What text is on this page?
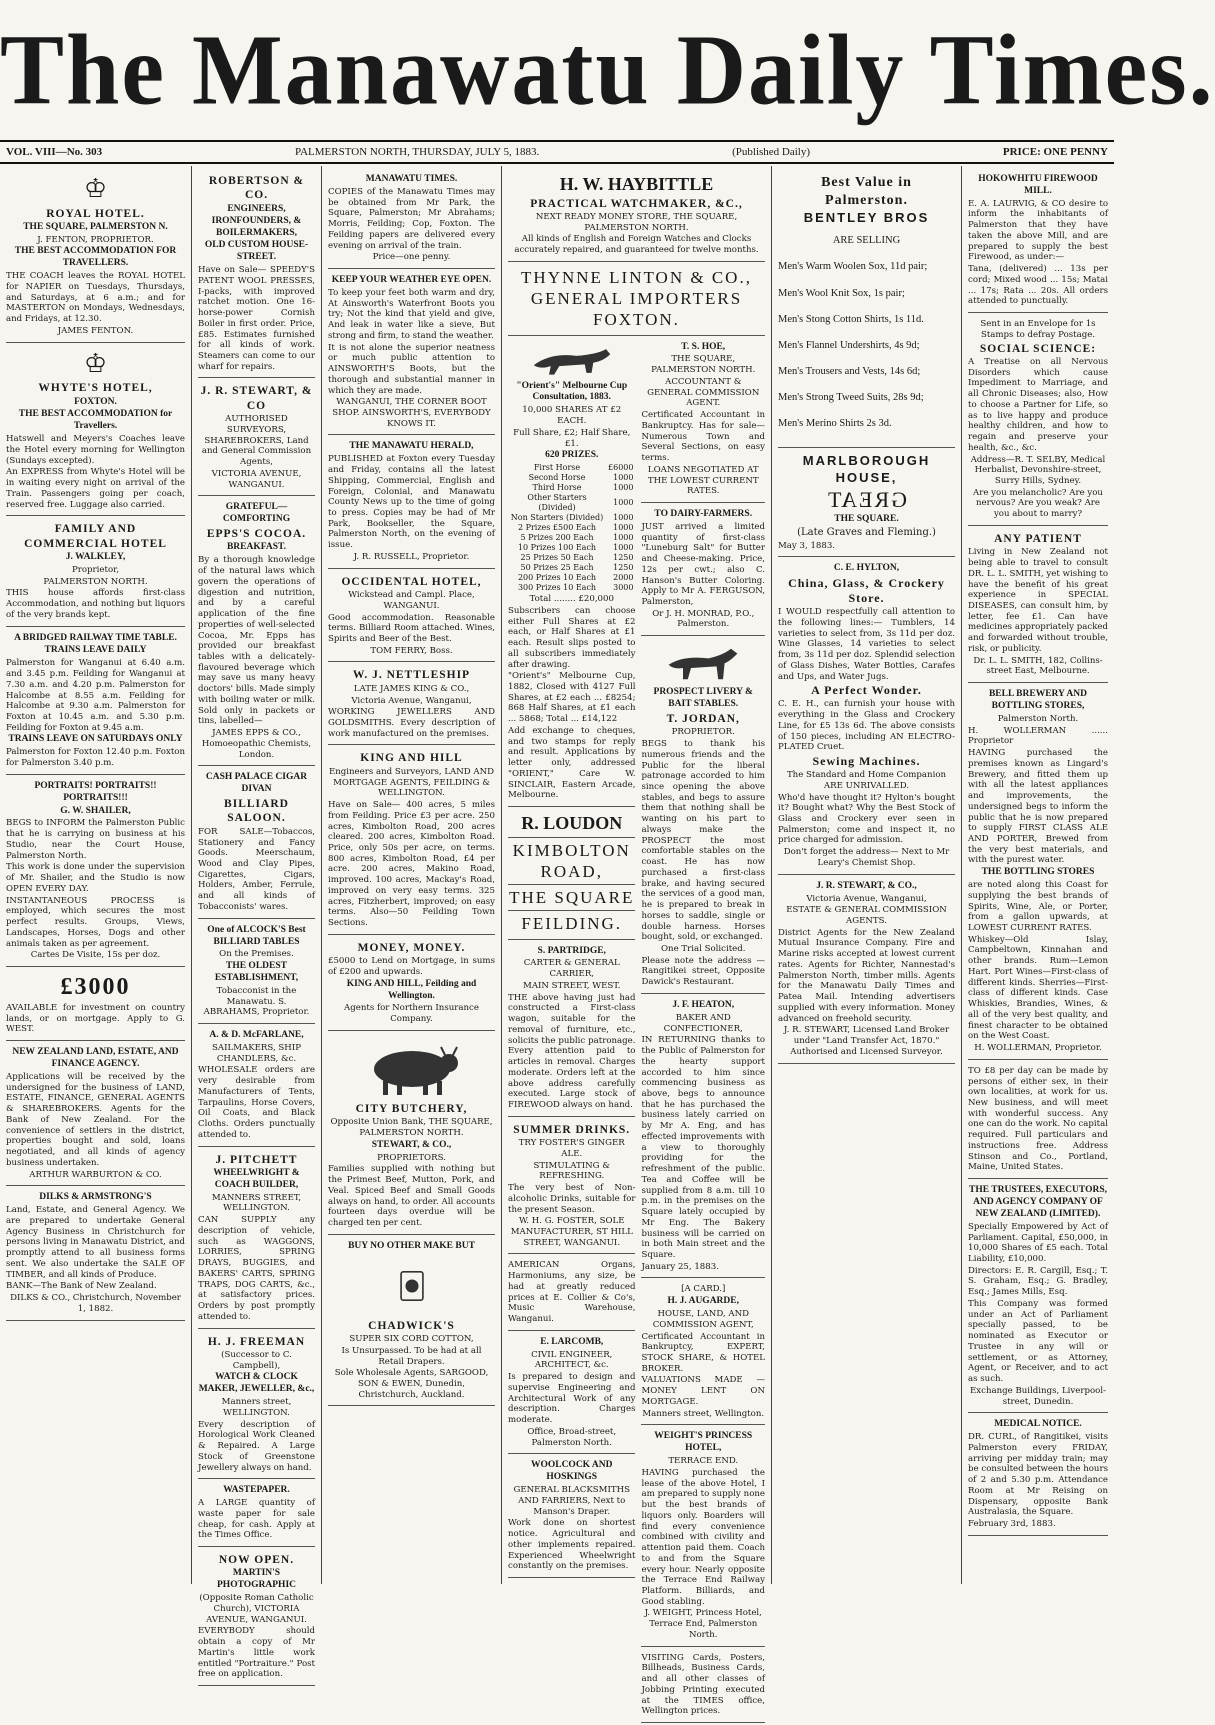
The Manawatu Daily Times.
VOL. VIII—No. 303	PALMERSTON NORTH, THURSDAY, JULY 5, 1883.	(Published Daily)	PRICE: ONE PENNY
♔
ROYAL HOTEL.
THE SQUARE, PALMERSTON N.

J. FENTON, PROPRIETOR.

THE BEST ACCOMMODATION FOR TRAVELLERS.

THE COACH leaves the ROYAL HOTEL for NAPIER on Tuesdays, Thursdays, and Saturdays, at 6 a.m.; and for MASTERTON on Mondays, Wednesdays, and Fridays, at 12.30.

JAMES FENTON.

♔
WHYTE'S HOTEL,
FOXTON.
THE BEST ACCOMMODATION for Travellers.

Hatswell and Meyers's Coaches leave the Hotel every morning for Wellington (Sundays excepted).

An EXPRESS from Whyte's Hotel will be in waiting every night on arrival of the Train. Passengers going per coach, reserved free. Luggage also carried.

FAMILY AND COMMERCIAL HOTEL
J. WALKLEY,

Proprietor,

PALMERSTON NORTH.

THIS house affords first-class Accommodation, and nothing but liquors of the very brands kept.

A BRIDGED RAILWAY TIME TABLE.
TRAINS LEAVE DAILY

Palmerston for Wanganui at 6.40 a.m. and 3.45 p.m. Feilding for Wanganui at 7.30 a.m. and 4.20 p.m. Palmerston for Halcombe at 8.55 a.m. Feilding for Halcombe at 9.30 a.m. Palmerston for Foxton at 10.45 a.m. and 5.30 p.m. Feilding for Foxton at 9.45 a.m.

TRAINS LEAVE ON SATURDAYS ONLY

Palmerston for Foxton 12.40 p.m. Foxton for Palmerston 3.40 p.m.

PORTRAITS! PORTRAITS!! PORTRAITS!!!
G. W. SHAILER,

BEGS to INFORM the Palmerston Public that he is carrying on business at his Studio, near the Court House, Palmerston North.

This work is done under the supervision of Mr. Shailer, and the Studio is now OPEN EVERY DAY.

INSTANTANEOUS PROCESS is employed, which secures the most perfect results. Groups, Views, Landscapes, Horses, Dogs and other animals taken as per agreement.

Cartes De Visite, 15s per doz.

£3000

AVAILABLE for investment on country lands, or on mortgage. Apply to G. WEST.

NEW ZEALAND LAND, ESTATE, AND FINANCE AGENCY.

Applications will be received by the undersigned for the business of LAND, ESTATE, FINANCE, GENERAL AGENTS & SHAREBROKERS. Agents for the Bank of New Zealand. For the convenience of settlers in the district, properties bought and sold, loans negotiated, and all kinds of agency business undertaken.

ARTHUR WARBURTON & CO.

DILKS & ARMSTRONG'S

Land, Estate, and General Agency. We are prepared to undertake General Agency Business in Christchurch for persons living in Manawatu District, and promptly attend to all business forms sent. We also undertake the SALE OF TIMBER, and all kinds of Produce.

BANK—The Bank of New Zealand.

DILKS & CO., Christchurch, November 1, 1882.

ROBERTSON & CO.
ENGINEERS, IRONFOUNDERS, & BOILERMAKERS,
OLD CUSTOM HOUSE-STREET.

Have on Sale— SPEEDY'S PATENT WOOL PRESSES, I-packs, with improved ratchet motion. One 16-horse-power Cornish Boiler in first order. Price, £85. Estimates furnished for all kinds of work. Steamers can come to our wharf for repairs.

J. R. STEWART, & CO

AUTHORISED SURVEYORS, SHAREBROKERS, Land and General Commission Agents,

VICTORIA AVENUE, WANGANUI.

GRATEFUL—COMFORTING
EPPS'S COCOA.
BREAKFAST.

By a thorough knowledge of the natural laws which govern the operations of digestion and nutrition, and by a careful application of the fine properties of well-selected Cocoa, Mr. Epps has provided our breakfast tables with a delicately-flavoured beverage which may save us many heavy doctors' bills. Made simply with boiling water or milk. Sold only in packets or tins, labelled—

JAMES EPPS & CO., Homoeopathic Chemists, London.

CASH PALACE CIGAR DIVAN
BILLIARD SALOON.

FOR SALE—Tobaccos, Stationery and Fancy Goods. Meerschaum, Wood and Clay Pipes, Cigarettes, Cigars, Holders, Amber, Ferrule, and all kinds of Tobacconists' wares.

One of ALCOCK'S Best BILLIARD TABLES

On the Premises.

THE OLDEST ESTABLISHMENT,

Tobacconist in the Manawatu. S. ABRAHAMS, Proprietor.

A. & D. McFARLANE,

SAILMAKERS, SHIP CHANDLERS, &c.

WHOLESALE orders are very desirable from Manufacturers of Tents, Tarpaulins, Horse Covers, Oil Coats, and Black Cloths. Orders punctually attended to.

J. PITCHETT
WHEELWRIGHT & COACH BUILDER,

MANNERS STREET, WELLINGTON.

CAN SUPPLY any description of vehicle, such as WAGGONS, LORRIES, SPRING DRAYS, BUGGIES, and BAKERS' CARTS, SPRING TRAPS, DOG CARTS, &c., at satisfactory prices. Orders by post promptly attended to.

H. J. FREEMAN

(Successor to C. Campbell),

WATCH & CLOCK MAKER, JEWELLER, &c.,

Manners street, WELLINGTON.

Every description of Horological Work Cleaned & Repaired. A Large Stock of Greenstone Jewellery always on hand.

WASTEPAPER.

A LARGE quantity of waste paper for sale cheap, for cash. Apply at the Times Office.

NOW OPEN.
MARTIN'S PHOTOGRAPHIC

(Opposite Roman Catholic Church), VICTORIA AVENUE, WANGANUI.

EVERYBODY should obtain a copy of Mr Martin's little work entitled "Portraiture." Post free on application.

MANAWATU TIMES.

COPIES of the Manawatu Times may be obtained from Mr Park, the Square, Palmerston; Mr Abrahams; Morris, Feilding; Cop, Foxton. The Feilding papers are delivered every evening on arrival of the train.

Price—one penny.

KEEP YOUR WEATHER EYE OPEN.

To keep your feet both warm and dry, At Ainsworth's Waterfront Boots you try; Not the kind that yield and give, And leak in water like a sieve, But strong and firm, to stand the weather.

It is not alone the superior neatness or much public attention to AINSWORTH'S Boots, but the thorough and substantial manner in which they are made.

WANGANUI, THE CORNER BOOT SHOP. AINSWORTH'S, EVERYBODY KNOWS IT.

THE MANAWATU HERALD,

PUBLISHED at Foxton every Tuesday and Friday, contains all the latest Shipping, Commercial, English and Foreign, Colonial, and Manawatu County News up to the time of going to press. Copies may be had of Mr Park, Bookseller, the Square, Palmerston North, on the evening of issue.

J. R. RUSSELL, Proprietor.

OCCIDENTAL HOTEL,

Wickstead and Campl. Place, WANGANUI.

Good accommodation. Reasonable terms. Billiard Room attached. Wines, Spirits and Beer of the Best.

TOM FERRY, Boss.

W. J. NETTLESHIP

LATE JAMES KING & CO.,

Victoria Avenue, Wanganui,

WORKING JEWELLERS AND GOLDSMITHS. Every description of work manufactured on the premises.

KING AND HILL

Engineers and Surveyors, LAND AND MORTGAGE AGENTS, FEILDING & WELLINGTON.

Have on Sale— 400 acres, 5 miles from Feilding. Price £3 per acre. 250 acres, Kimbolton Road, 200 acres cleared. 200 acres, Kimbolton Road. Price, only 50s per acre, on terms. 800 acres, Kimbolton Road, £4 per acre. 200 acres, Makino Road, improved. 100 acres, Mackay's Road, improved on very easy terms. 325 acres, Fitzherbert, improved; on easy terms. Also—50 Feilding Town Sections.

MONEY, MONEY.

£5000 to Lend on Mortgage, in sums of £200 and upwards.

KING AND HILL, Feilding and Wellington.

Agents for Northern Insurance Company.

CITY BUTCHERY,

Opposite Union Bank, THE SQUARE, PALMERSTON NORTH.

STEWART, & CO.,

PROPRIETORS.

Families supplied with nothing but the Primest Beef, Mutton, Pork, and Veal. Spiced Beef and Small Goods always on hand, to order. All accounts fourteen days overdue will be charged ten per cent.

BUY NO OTHER MAKE BUT
CHADWICK'S

SUPER SIX CORD COTTON,

Is Unsurpassed. To be had at all Retail Drapers.

Sole Wholesale Agents, SARGOOD, SON & EWEN, Dunedin, Christchurch, Auckland.

H. W. HAYBITTLE
PRACTICAL WATCHMAKER, &C.,

NEXT READY MONEY STORE, THE SQUARE, PALMERSTON NORTH.

All kinds of English and Foreign Watches and Clocks accurately repaired, and guaranteed for twelve months.

THYNNE LINTON & CO.,
GENERAL IMPORTERS
FOXTON.
"Orient's" Melbourne Cup Consultation, 1883.

10,000 SHARES AT £2 EACH.

Full Share, £2; Half Share, £1.

620 PRIZES.
First Horse	£6000
Second Horse	1000
Third Horse	1000
Other Starters (Divided)	1000
Non Starters (Divided)	1000
2 Prizes £500 Each	1000
5 Prizes 200 Each	1000
10 Prizes 100 Each	1000
25 Prizes 50 Each	1250
50 Prizes 25 Each	1250
200 Prizes 10 Each	2000
300 Prizes 10 Each	3000

Total ........ £20,000

Subscribers can choose either Full Shares at £2 each, or Half Shares at £1 each. Result slips posted to all subscribers immediately after drawing.

"Orient's" Melbourne Cup, 1882, Closed with 4127 Full Shares, at £2 each ... £8254; 868 Half Shares, at £1 each ... 5868; Total ... £14,122

Add exchange to cheques, and two stamps for reply and result. Applications by letter only, addressed "ORIENT," Care W. SINCLAIR, Eastern Arcade, Melbourne.

R. LOUDON
KIMBOLTON ROAD,
THE SQUARE
FEILDING.
S. PARTRIDGE,

CARTER & GENERAL CARRIER,

MAIN STREET, WEST.

THE above having just had constructed a First-class wagon, suitable for the removal of furniture, etc., solicits the public patronage. Every attention paid to articles in removal. Charges moderate. Orders left at the above address carefully executed. Large stock of FIREWOOD always on hand.

SUMMER DRINKS.

TRY FOSTER'S GINGER ALE.

STIMULATING & REFRESHING.

The very best of Non-alcoholic Drinks, suitable for the present Season.

W. H. G. FOSTER, SOLE MANUFACTURER, ST HILL STREET, WANGANUI.

AMERICAN Organs, Harmoniums, any size, be had at greatly reduced prices at E. Collier & Co's, Music Warehouse, Wanganui.

E. LARCOMB,

CIVIL ENGINEER, ARCHITECT, &c.

Is prepared to design and supervise Engineering and Architectural Work of any description. Charges moderate.

Office, Broad-street, Palmerston North.

WOOLCOCK AND HOSKINGS

GENERAL BLACKSMITHS AND FARRIERS, Next to Manson's Draper.

Work done on shortest notice. Agricultural and other implements repaired. Experienced Wheelwright constantly on the premises.

T. S. HOE,

THE SQUARE, PALMERSTON NORTH.

ACCOUNTANT & GENERAL COMMISSION AGENT.

Certificated Accountant in Bankruptcy. Has for sale—Numerous Town and Several Sections, on easy terms.

LOANS NEGOTIATED AT THE LOWEST CURRENT RATES.

TO DAIRY-FARMERS.

JUST arrived a limited quantity of first-class "Luneburg Salt" for Butter and Cheese-making. Price, 12s per cwt.; also C. Hanson's Butter Coloring. Apply to Mr A. FERGUSON, Palmerston,

Or J. H. MONRAD, P.O., Palmerston.

PROSPECT LIVERY & BAIT STABLES.
T. JORDAN,

PROPRIETOR.

BEGS to thank his numerous friends and the Public for the liberal patronage accorded to him since opening the above stables, and begs to assure them that nothing shall be wanting on his part to always make the PROSPECT the most comfortable stables on the coast. He has now purchased a first-class brake, and having secured the services of a good man, he is prepared to break in horses to saddle, single or double harness. Horses bought, sold, or exchanged.

One Trial Solicited.

Please note the address — Rangitikei street, Opposite Dawick's Restaurant.

J. F. HEATON,

BAKER AND CONFECTIONER,

IN RETURNING thanks to the Public of Palmerston for the hearty support accorded to him since commencing business as above, begs to announce that he has purchased the business lately carried on by Mr A. Eng, and has effected improvements with a view to thoroughly providing for the refreshment of the public. Tea and Coffee will be supplied from 8 a.m. till 10 p.m. in the premises on the Square lately occupied by Mr Eng. The Bakery business will be carried on in both Main street and the Square.

January 25, 1883.

[A CARD.]

H. J. AUGARDE,

HOUSE, LAND, AND COMMISSION AGENT,

Certificated Accountant in Bankruptcy, EXPERT, STOCK SHARE, & HOTEL BROKER.

VALUATIONS MADE — MONEY LENT ON MORTGAGE.

Manners street, Wellington.

WEIGHT'S PRINCESS HOTEL,

TERRACE END.

HAVING purchased the lease of the above Hotel, I am prepared to supply none but the best brands of liquors only. Boarders will find every convenience combined with civility and attention paid them. Coach to and from the Square every hour. Nearly opposite the Terrace End Railway Platform. Billiards, and Good stabling.

J. WEIGHT, Princess Hotel, Terrace End, Palmerston North.

VISITING Cards, Posters, Billheads, Business Cards, and all other classes of Jobbing Printing executed at the TIMES office, Wellington prices.

Best Value in Palmerston.
BENTLEY BROS

ARE SELLING

Men's Warm Woolen Sox, 11d pair;

Men's Wool Knit Sox, 1s pair;

Men's Stong Cotton Shirts, 1s 11d.

Men's Flannel Undershirts, 4s 9d;

Men's Trousers and Vests, 14s 6d;

Men's Strong Tweed Suits, 28s 9d;

Men's Merino Shirts 2s 3d.

MARLBOROUGH HOUSE,
GREAT
THE SQUARE.

(Late Graves and Fleming.)

May 3, 1883.

C. E. HYLTON,
China, Glass, & Crockery Store.

I WOULD respectfully call attention to the following lines:— Tumblers, 14 varieties to select from, 3s 11d per doz. Wine Glasses, 14 varieties to select from, 3s 11d per doz. Splendid selection of Glass Dishes, Water Bottles, Carafes and Ups, and Water Jugs.

A Perfect Wonder.

C. E. H., can furnish your house with everything in the Glass and Crockery Line, for £5 13s 6d. The above consists of 150 pieces, including AN ELECTRO-PLATED Cruet.

Sewing Machines.

The Standard and Home Companion ARE UNRIVALLED.

Who'd have thought it? Hylton's bought it? Bought what? Why the Best Stock of Glass and Crockery ever seen in Palmerston; come and inspect it, no price charged for admission.

Don't forget the address— Next to Mr Leary's Chemist Shop.

J. R. STEWART, & CO.,

Victoria Avenue, Wanganui,

ESTATE & GENERAL COMMISSION AGENTS.

District Agents for the New Zealand Mutual Insurance Company. Fire and Marine risks accepted at lowest current rates. Agents for Richter, Nannestad's Palmerston North, timber mills. Agents for the Manawatu Daily Times and Patea Mail. Intending advertisers supplied with every information. Money advanced on freehold security.

J. R. STEWART, Licensed Land Broker under "Land Transfer Act, 1870." Authorised and Licensed Surveyor.

HOKOWHITU FIREWOOD MILL.

E. A. LAURVIG, & CO desire to inform the inhabitants of Palmerston that they have taken the above Mill, and are prepared to supply the best Firewood, as under:—

Tana, (delivered) ... 13s per cord; Mixed wood ... 15s; Matai ... 17s; Rata ... 20s. All orders attended to punctually.

Sent in an Envelope for 1s Stamps to defray Postage.

SOCIAL SCIENCE:

A Treatise on all Nervous Disorders which cause Impediment to Marriage, and all Chronic Diseases; also, How to choose a Partner for Life, so as to live happy and produce healthy children, and how to regain and preserve your health, &c., &c.

Address—R. T. SELBY, Medical Herbalist, Devonshire-street, Surry Hills, Sydney.

Are you melancholic? Are you nervous? Are you weak? Are you about to marry?

ANY PATIENT

Living in New Zealand not being able to travel to consult DR. L. L. SMITH, yet wishing to have the benefit of his great experience in SPECIAL DISEASES, can consult him, by letter, fee £1. Can have medicines appropriately packed and forwarded without trouble, risk, or publicity.

Dr. L. L. SMITH, 182, Collins-street East, Melbourne.

BELL BREWERY AND BOTTLING STORES,

Palmerston North.

H. WOLLERMAN ...... Proprietor

HAVING purchased the premises known as Lingard's Brewery, and fitted them up with all the latest appliances and improvements, the undersigned begs to inform the public that he is now prepared to supply FIRST CLASS ALE AND PORTER, Brewed from the very best materials, and with the purest water.

THE BOTTLING STORES

are noted along this Coast for supplying the best brands of Spirits, Wine, Ale, or Porter, from a gallon upwards, at LOWEST CURRENT RATES.

Whiskey—Old Islay, Campbeltown, Kinnahan and other brands. Rum—Lemon Hart. Port Wines—First-class of different kinds. Sherries—First-class of different kinds. Case Whiskies, Brandies, Wines, & all of the very best quality, and finest character to be obtained on the West Coast.

H. WOLLERMAN, Proprietor.

TO £8 per day can be made by persons of either sex, in their own localities, at work for us. New business, and will meet with wonderful success. Any one can do the work. No capital required. Full particulars and instructions free. Address Stinson and Co., Portland, Maine, United States.

THE TRUSTEES, EXECUTORS, AND AGENCY COMPANY OF NEW ZEALAND (LIMITED).

Specially Empowered by Act of Parliament. Capital, £50,000, in 10,000 Shares of £5 each. Total Liability, £10,000.

Directors: E. R. Cargill, Esq.; T. S. Graham, Esq.; G. Bradley, Esq.; James Mills, Esq.

This Company was formed under an Act of Parliament specially passed, to be nominated as Executor or Trustee in any will or settlement, or as Attorney, Agent, or Receiver, and to act as such.

Exchange Buildings, Liverpool-street, Dunedin.

MEDICAL NOTICE.

DR. CURL, of Rangitikei, visits Palmerston every FRIDAY, arriving per midday train; may be consulted between the hours of 2 and 5.30 p.m. Attendance Room at Mr Reising on Dispensary, opposite Bank Australasia, the Square.

February 3rd, 1883.
